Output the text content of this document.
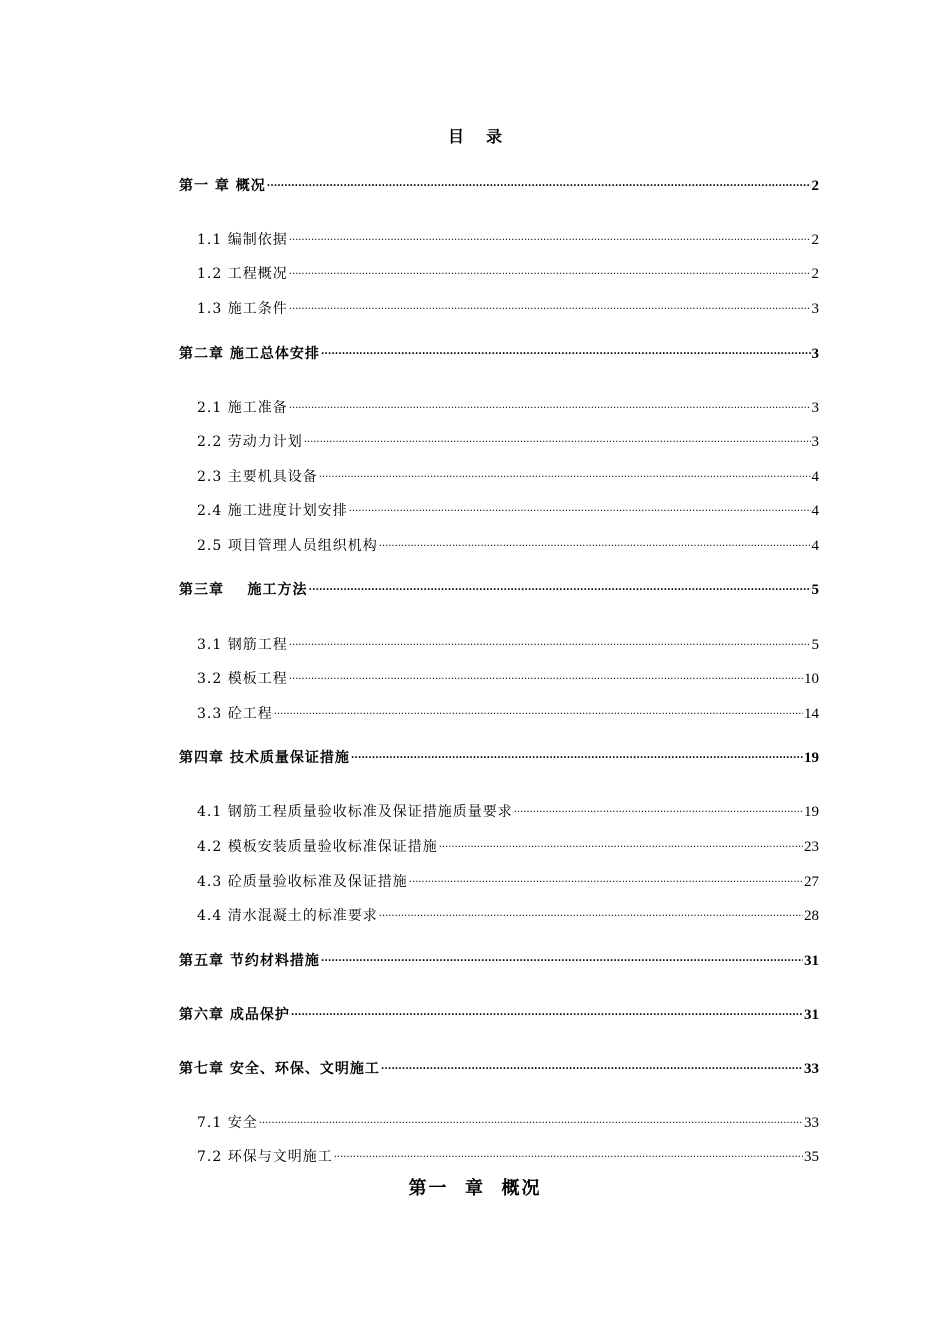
目 录
第一 章 概况 .....	2
1.1 编制依据 .....	2
1.2 工程概况 .....	2
1.3 施工条件 .....	3
第二章 施工总体安排 .....	3
2.1 施工准备 .....	3
2.2 劳动力计划 .....	3
2.3 主要机具设备 .....	4
2.4 施工进度计划安排 .....	4
2.5 项目管理人员组织机构 .....	4
第三章    施工方法 .....	5
3.1 钢筋工程 .....	5
3.2 模板工程 .....	10
3.3 砼工程 .....	14
第四章 技术质量保证措施 .....	19
4.1 钢筋工程质量验收标准及保证措施质量要求 .....	19
4.2 模板安装质量验收标准保证措施 .....	23
4.3 砼质量验收标准及保证措施 .....	27
4.4 清水混凝土的标准要求 .....	28
第五章 节约材料措施 .....	31
第六章 成品保护 .....	31
第七章 安全、环保、文明施工 .....	33
7.1 安全 .....	33
7.2 环保与文明施工 .....	35
第一  章  概况
